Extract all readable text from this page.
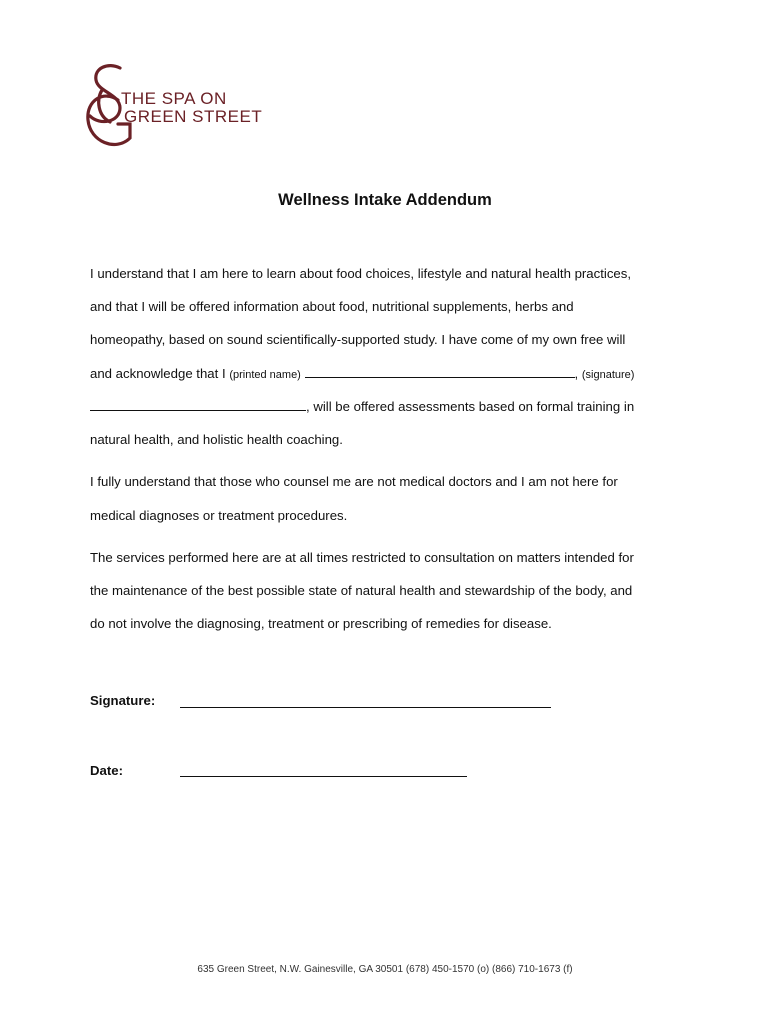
THE SPA ON
GREEN STREET
Wellness Intake Addendum
I understand that I am here to learn about food choices, lifestyle and natural health practices,
and that I will be offered information about food, nutritional supplements, herbs and
homeopathy, based on sound scientifically-supported study. I have come of my own free will
and acknowledge that I (printed name)	, (signature)
, will be offered assessments based on formal training in
natural health, and holistic health coaching.
I fully understand that those who counsel me are not medical doctors and I am not here for
medical diagnoses or treatment procedures.
The services performed here are at all times restricted to consultation on matters intended for
the maintenance of the best possible state of natural health and stewardship of the body, and
do not involve the diagnosing, treatment or prescribing of remedies for disease.
Signature:
Date:
635 Green Street, N.W. Gainesville, GA 30501 (678) 450-1570 (o) (866) 710-1673 (f)
